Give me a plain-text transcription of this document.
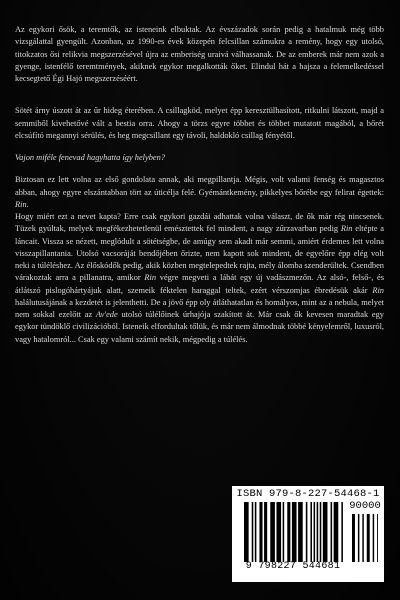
Az egykori ősök, a teremtők, az isteneink elbuktak. Az évszázadok során pedig a hatalmuk még több vizsgálattal gyengült. Azonban, az 1990-es évek közepén felcsillan számukra a remény, hogy egy utolsó, titokzatos ősi relikvia megszerzésével újra az emberiség uraivá válhassanak. De az emberek már nem azok a gyenge, istenfélő teremtmények, akiknek egykor megalkották őket. Elindul hát a hajsza a felemelkedéssel kecsegtető Égi Hajó megszerzéséért.

Sötét árny úszott át az űr hideg éterében. A csillagköd, melyet épp keresztülhasított, ritkulni látszott, majd a semmiből kivehetővé vált a bestia orra. Ahogy a törzs egyre többet és többet mutatott magából, a bőrét elcsúfító megannyi sérülés, és heg megcsillant egy távoli, haldokló csillag fényétől.

Vajon miféle fenevad hagyhatta így helyben?

Biztosan ez lett volna az első gondolata annak, aki megpillantja. Mégis, volt valami fenség és magasztos abban, ahogy egyre elszántabban tört az úticélja felé. Gyémántkemény, pikkelyes bőrébe egy felirat égettek: Rin.

Hogy miért ezt a nevet kapta? Erre csak egykori gazdái adhattak volna választ, de ők már rég nincsenek. Tüzek gyúltak, melyek megfékezhetetlenül emésztettek fel mindent, a nagy zűrzavarban pedig Rin eltépte a láncait. Vissza se nézett, meglódult a sötétségbe, de amúgy sem akadt már semmi, amiért érdemes lett volna visszapillantania. Utolsó vacsoráját bendőjében őrizte, nem kapott sok mindent, de egyelőre épp elég volt neki a túléléshez. Az élőskódők pedig, akik közben megtelepedtek rajta, mély álomba szenderültek. Csendben várakoztak arra a pillanatra, amikor Rin végre megveti a lábát egy új vadászmezőn. Az alsó-, felső-, és átlátszó pislogóhártyájuk alatt, szemeik féktelen haraggal teltek, ezért vérszomjas ébredésük akár Rin halálutusájának a kezdetét is jelenthetti. De a jövő épp oly átláthatatlan és homályos, mint az a nebula, melyet nem sokkal ezelőtt az Av'ede utolsó túlélőinek úrhajója szakított át. Már csak ők kevesen maradtak egy egykor tündöklő civilizációból. Isteneik elfordultak tőlük, és már nem álmodnak többé kényelemről, luxusról, vagy hatalomról... Csak egy valami számít nekik, mégpedig a túlélés.

ISBN 979-8-227-54468-1
90000
9 798227 544681
